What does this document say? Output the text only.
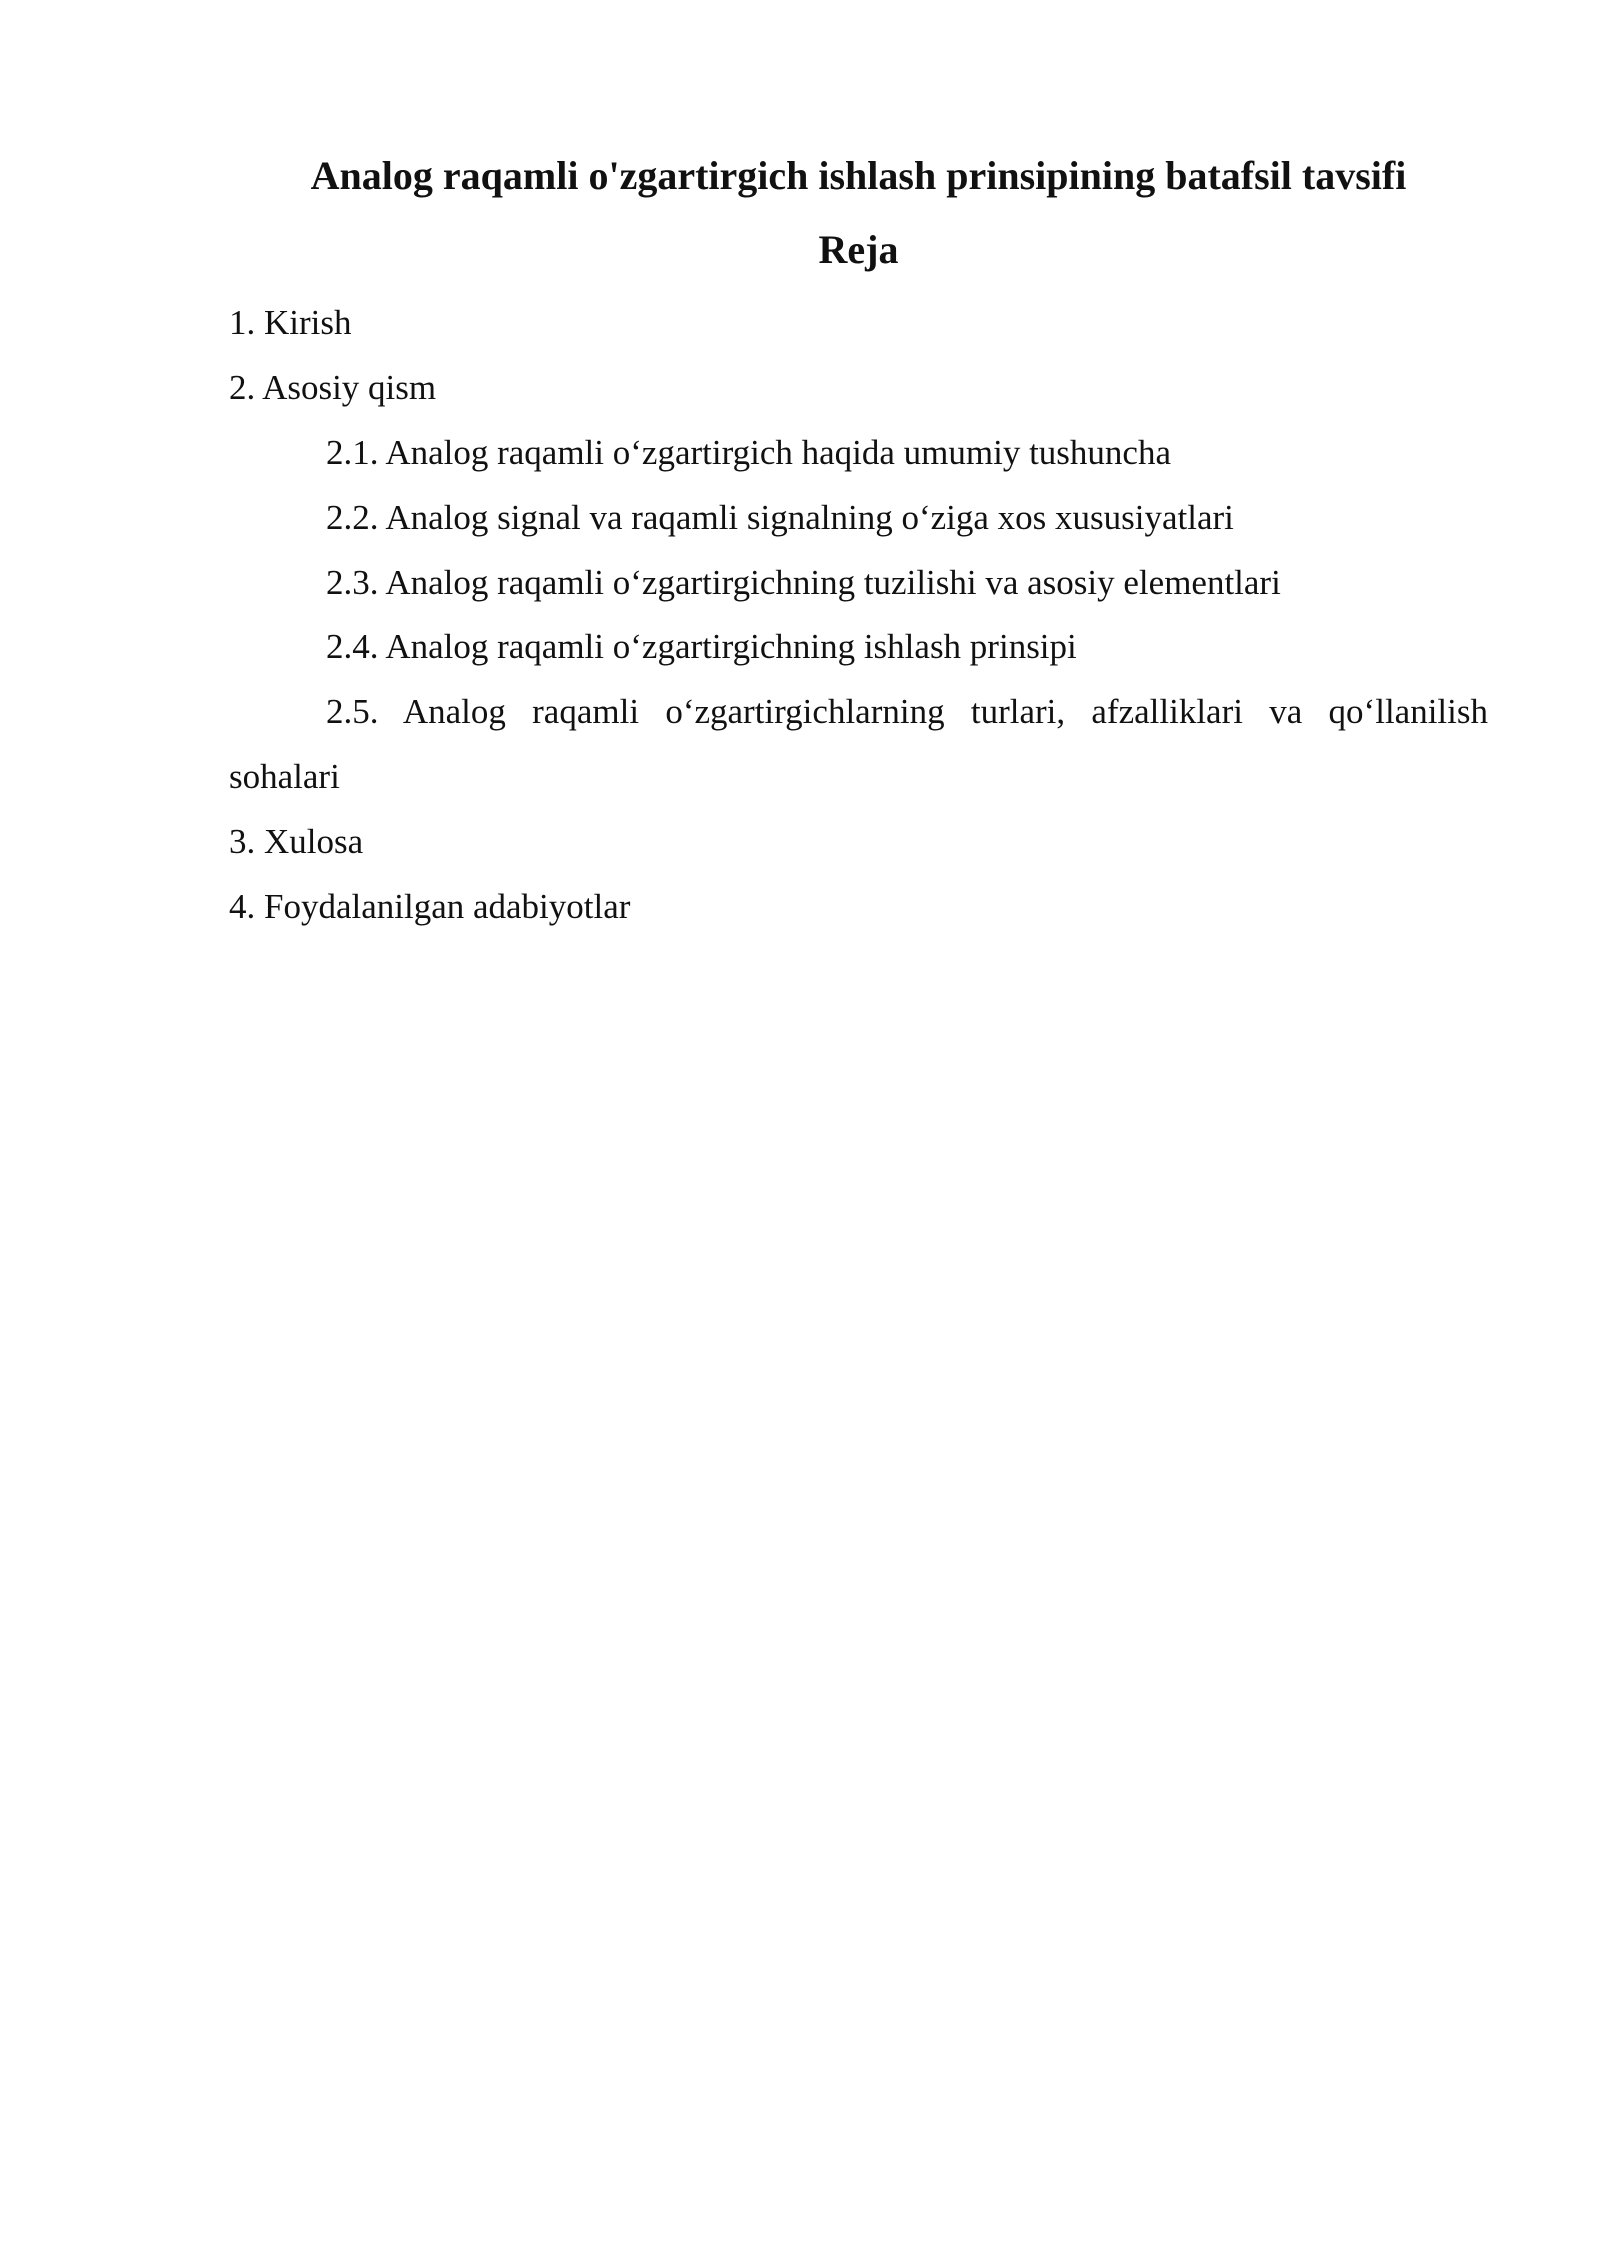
Analog raqamli o'zgartirgich ishlash prinsipining batafsil tavsifi
Reja

1. Kirish

2. Asosiy qism

2.1. Analog raqamli o‘zgartirgich haqida umumiy tushuncha

2.2. Analog signal va raqamli signalning o‘ziga xos xususiyatlari

2.3. Analog raqamli o‘zgartirgichning tuzilishi va asosiy elementlari

2.4. Analog raqamli o‘zgartirgichning ishlash prinsipi

2.5. Analog raqamli o‘zgartirgichlarning turlari, afzalliklari va qo‘llanilish

sohalari

3. Xulosa

4. Foydalanilgan adabiyotlar
